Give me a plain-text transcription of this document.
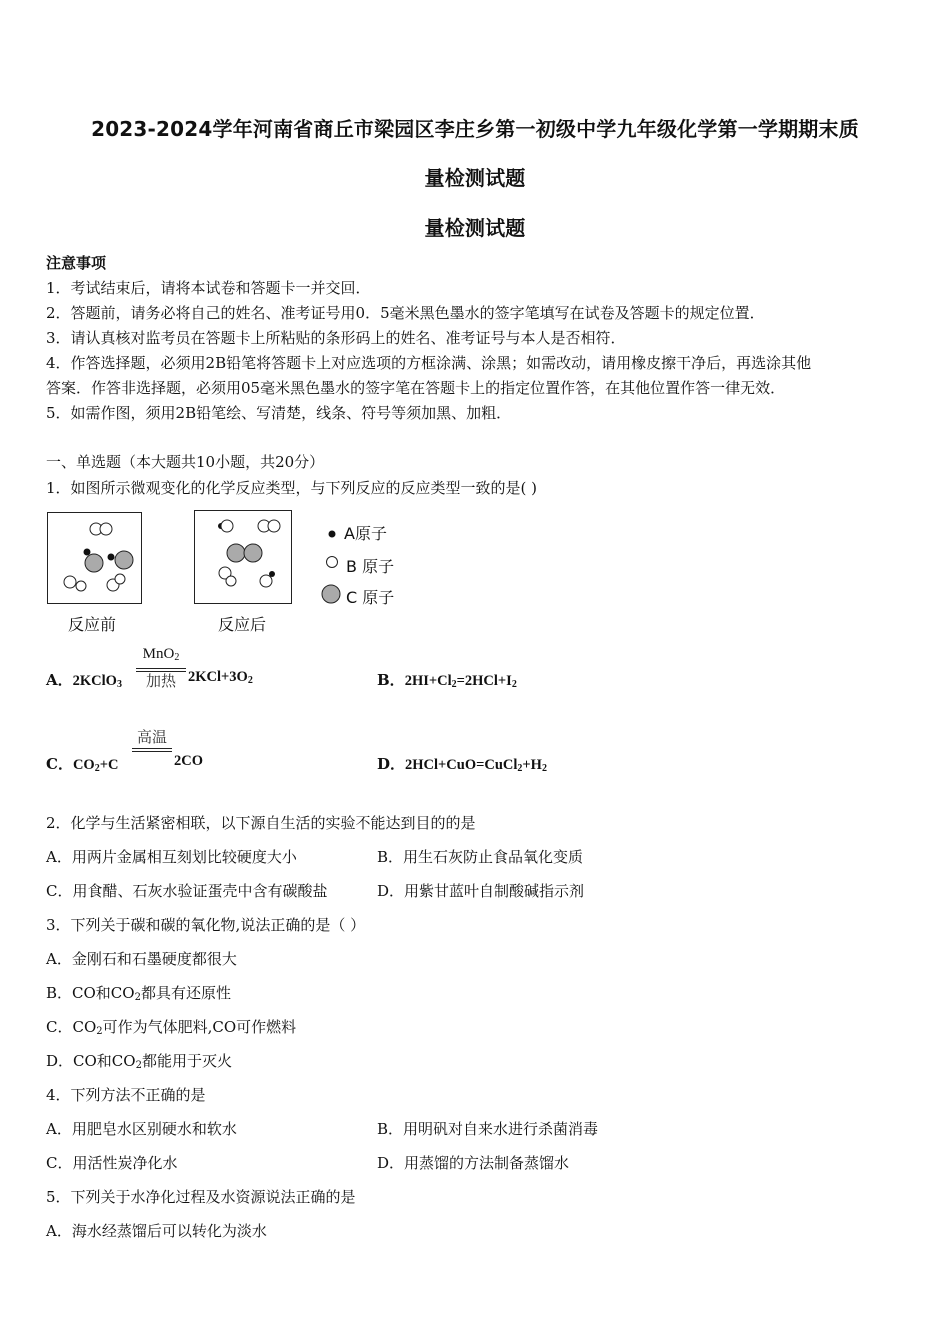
2023-2024学年河南省商丘市梁园区李庄乡第一初级中学九年级化学第一学期期末质
量检测试题
量检测试题
注意事项
1．考试结束后，请将本试卷和答题卡一并交回．
2．答题前，请务必将自己的姓名、准考证号用0．5毫米黑色墨水的签字笔填写在试卷及答题卡的规定位置．
3．请认真核对监考员在答题卡上所粘贴的条形码上的姓名、准考证号与本人是否相符．
4．作答选择题，必须用2B铅笔将答题卡上对应选项的方框涂满、涂黑；如需改动，请用橡皮擦干净后，再选涂其他
答案．作答非选择题，必须用05毫米黑色墨水的签字笔在答题卡上的指定位置作答，在其他位置作答一律无效．
5．如需作图，须用2B铅笔绘、写清楚，线条、符号等须加黑、加粗．
一、单选题（本大题共10小题，共20分）
1．如图所示微观变化的化学反应类型，与下列反应的反应类型一致的是( )
反应前	反应后
A原子
B 原子
C 原子
A．2KClO$_3$
MnO$_2$
加热 $2KCl+3O_2$	B．$2HI+Cl_2=2HCl+I_2$
C．$CO_2+C$
高温
2CO	D．$2HCl+CuO=CuCl_2+H_2$
2．化学与生活紧密相联，以下源自生活的实验不能达到目的的是
A．用两片金属相互刻划比较硬度大小	B．用生石灰防止食品氧化变质
C．用食醋、石灰水验证蛋壳中含有碳酸盐	D．用紫甘蓝叶自制酸碱指示剂
3．下列关于碳和碳的氧化物,说法正确的是（ ）
A．金刚石和石墨硬度都很大
B．CO和$CO_2$都具有还原性
C．$CO_2$可作为气体肥料,CO可作燃料
D．CO和$CO_2$都能用于灭火
4．下列方法不正确的是
A．用肥皂水区别硬水和软水	B．用明矾对自来水进行杀菌消毒
C．用活性炭净化水	D．用蒸馏的方法制备蒸馏水
5．下列关于水净化过程及水资源说法正确的是
A．海水经蒸馏后可以转化为淡水
